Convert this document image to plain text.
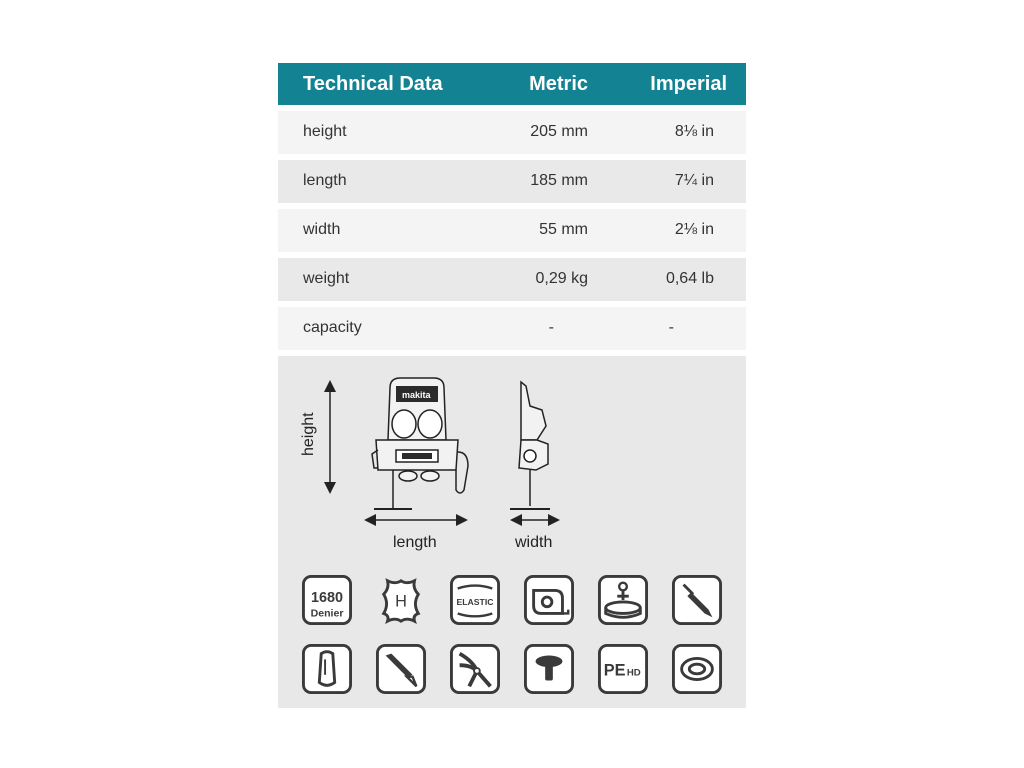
Technical Data	Metric	Imperial
height	205 mm	8⅛ in
length	185 mm	7¼ in
width	55 mm	2⅛ in
weight	0,29 kg	0,64 lb
capacity	-	-
makita
height
length	width
1680
Denier
H	ELASTIC
PE HD
